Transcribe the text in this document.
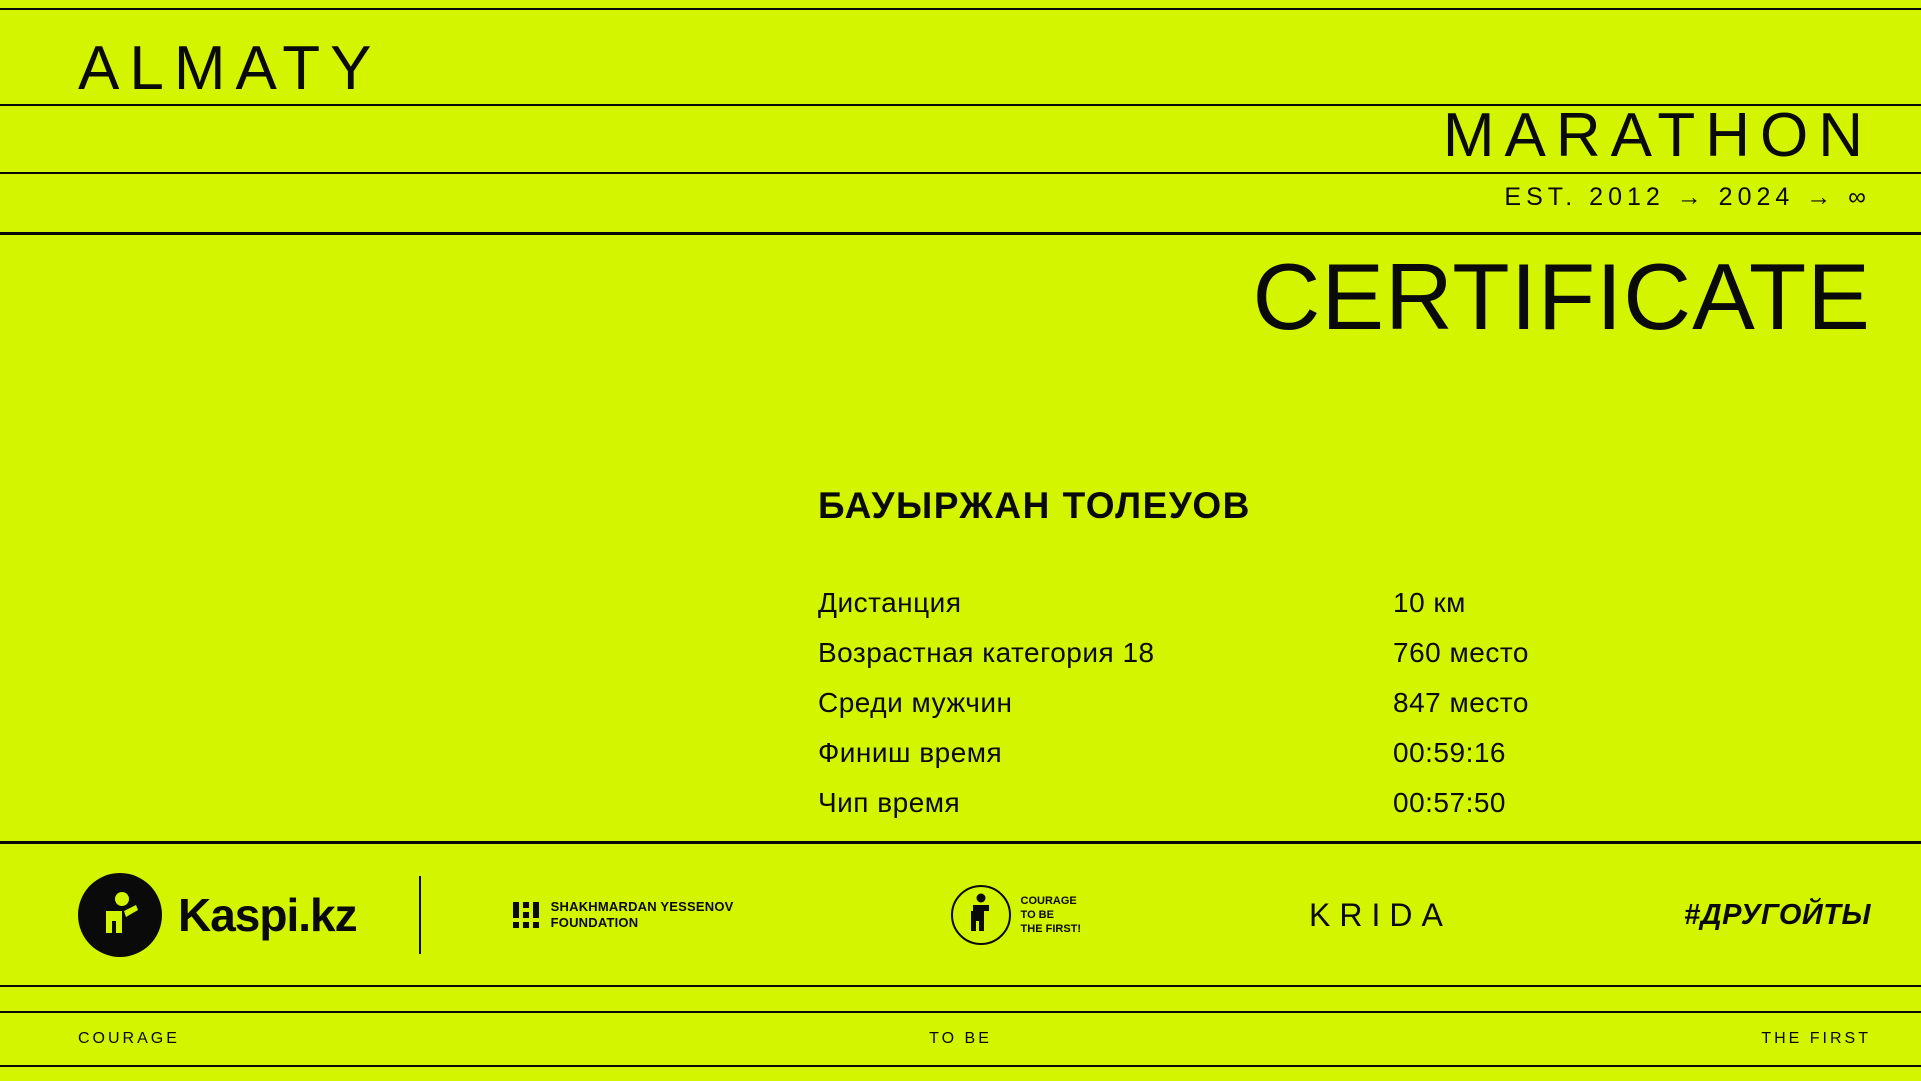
ALMATY
MARATHON
EST. 2012 → 2024 → ∞
CERTIFICATE
БАУЫРЖАН ТОЛЕУОВ
Дистанция	10 км
Возрастная категория 18	760 место
Среди мужчин	847 место
Финиш время	00:59:16
Чип время	00:57:50
Kaspi.kz	SHAKHMARDAN YESSENOV
FOUNDATION
COURAGE
TO BE
THE FIRST!	KRIDA	#ДРУГОЙТЫ
COURAGE	TO BE	THE FIRST
